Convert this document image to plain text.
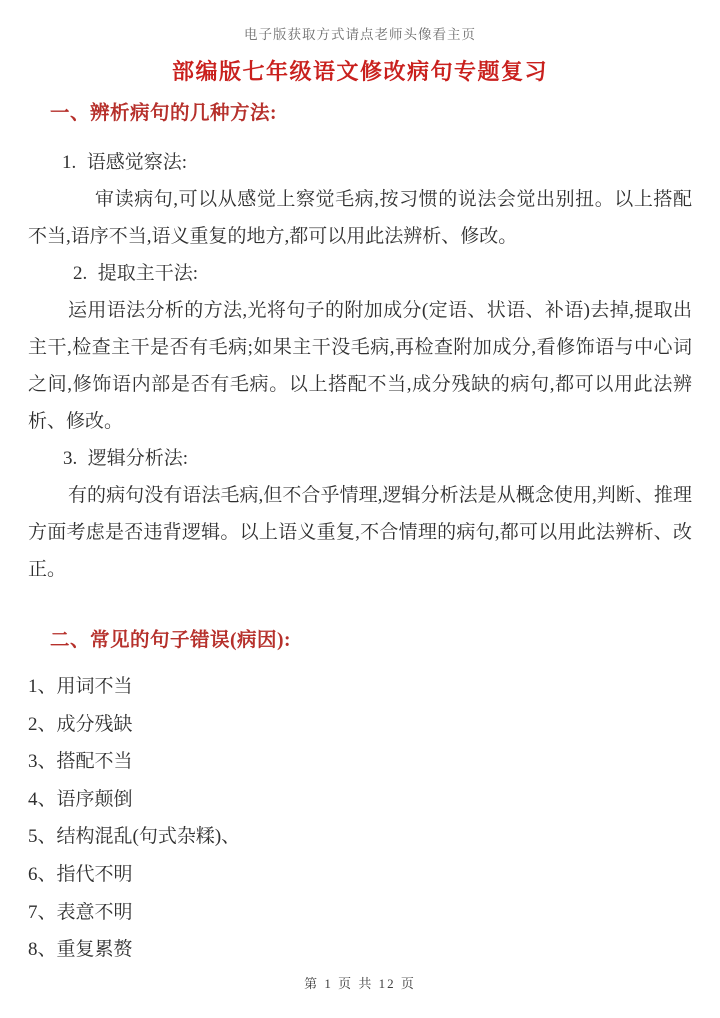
电子版获取方式请点老师头像看主页
部编版七年级语文修改病句专题复习
一、辨析病句的几种方法:
1. 语感觉察法:
审读病句,可以从感觉上察觉毛病,按习惯的说法会觉出别扭。以上搭配不当,语序不当,语义重复的地方,都可以用此法辨析、修改。
2. 提取主干法:
运用语法分析的方法,光将句子的附加成分(定语、状语、补语)去掉,提取出主干,检查主干是否有毛病;如果主干没毛病,再检查附加成分,看修饰语与中心词之间,修饰语内部是否有毛病。以上搭配不当,成分残缺的病句,都可以用此法辨析、修改。
3. 逻辑分析法:
有的病句没有语法毛病,但不合乎情理,逻辑分析法是从概念使用,判断、推理方面考虑是否违背逻辑。以上语义重复,不合情理的病句,都可以用此法辨析、改正。
二、常见的句子错误(病因):
1、用词不当
2、成分残缺
3、搭配不当
4、语序颠倒
5、结构混乱(句式杂糅)、
6、指代不明
7、表意不明
8、重复累赘
第 1 页 共 12 页
